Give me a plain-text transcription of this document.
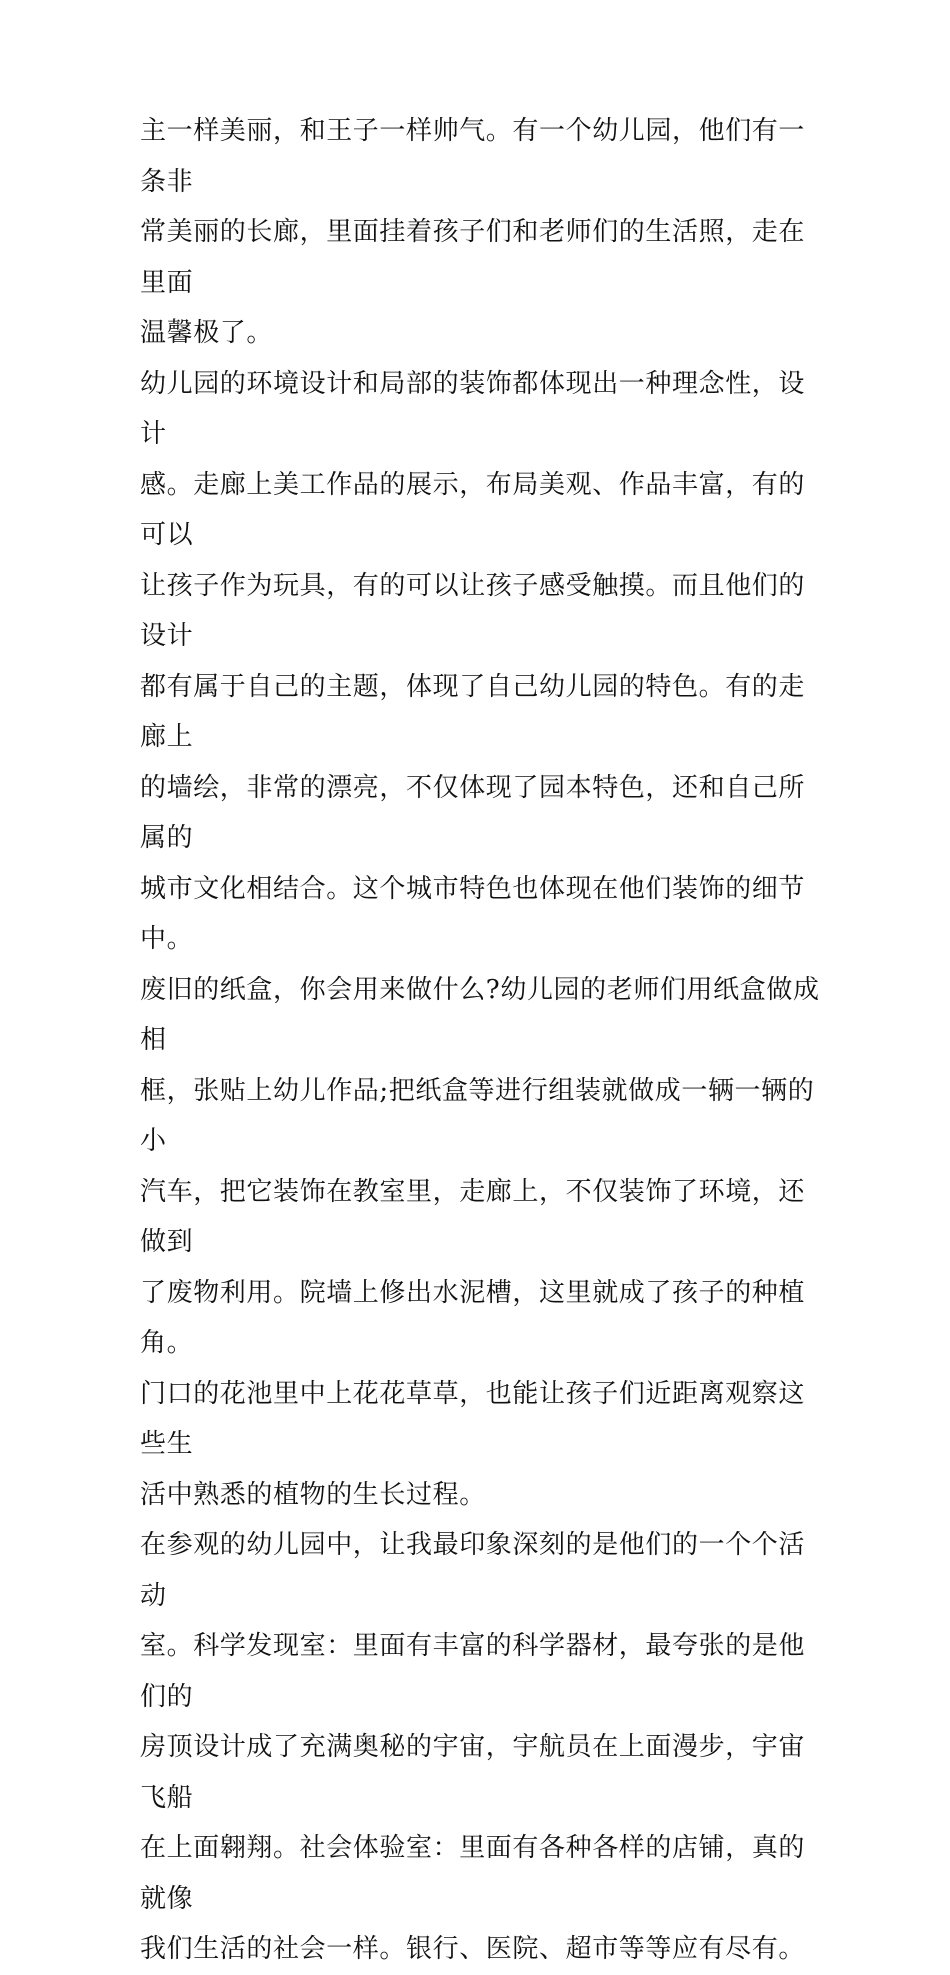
主一样美丽，和王子一样帅气。有一个幼儿园，他们有一条非
常美丽的长廊，里面挂着孩子们和老师们的生活照，走在里面
温馨极了。
幼儿园的环境设计和局部的装饰都体现出一种理念性，设计
感。走廊上美工作品的展示，布局美观、作品丰富，有的可以
让孩子作为玩具，有的可以让孩子感受触摸。而且他们的设计
都有属于自己的主题，体现了自己幼儿园的特色。有的走廊上
的墙绘，非常的漂亮，不仅体现了园本特色，还和自己所属的
城市文化相结合。这个城市特色也体现在他们装饰的细节中。
废旧的纸盒，你会用来做什么?幼儿园的老师们用纸盒做成相
框，张贴上幼儿作品;把纸盒等进行组装就做成一辆一辆的小
汽车，把它装饰在教室里，走廊上，不仅装饰了环境，还做到
了废物利用。院墙上修出水泥槽，这里就成了孩子的种植角。
门口的花池里中上花花草草，也能让孩子们近距离观察这些生
活中熟悉的植物的生长过程。
在参观的幼儿园中，让我最印象深刻的是他们的一个个活动
室。科学发现室：里面有丰富的科学器材，最夸张的是他们的
房顶设计成了充满奥秘的宇宙，宇航员在上面漫步，宇宙飞船
在上面翱翔。社会体验室：里面有各种各样的店铺，真的就像
我们生活的社会一样。银行、医院、超市等等应有尽有。
